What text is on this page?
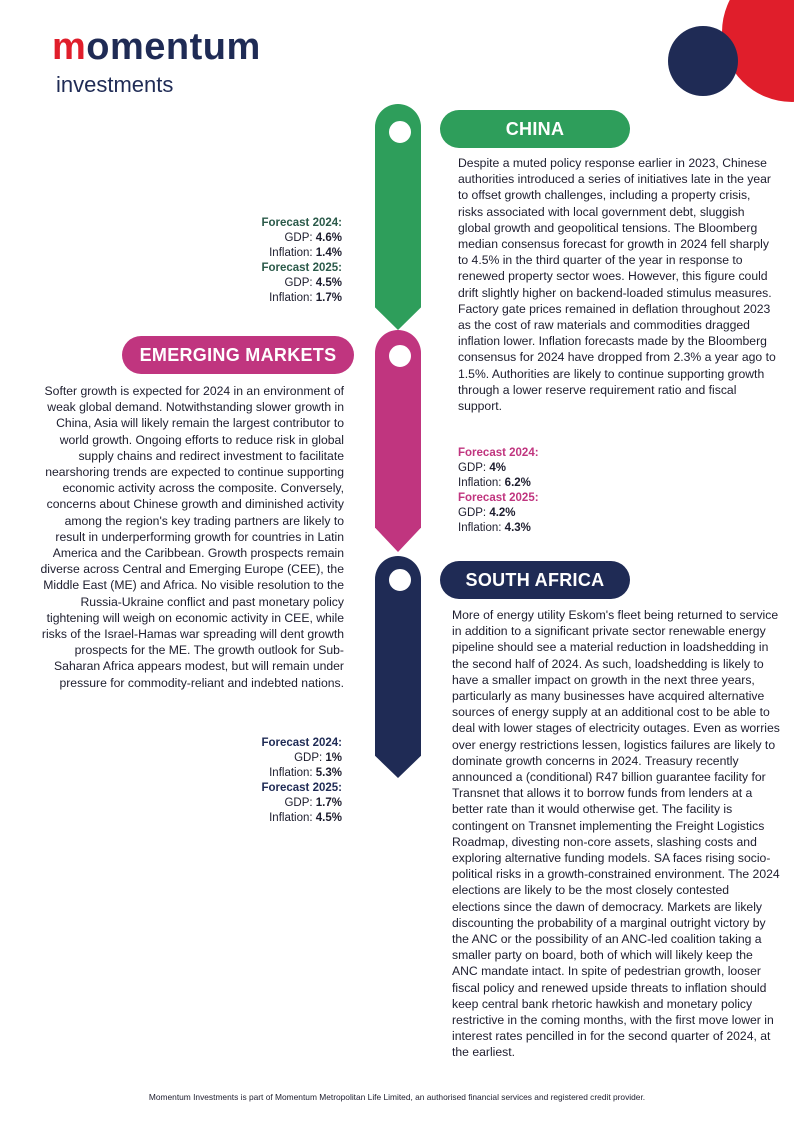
momentum
investments
CHINA
EMERGING MARKETS
SOUTH AFRICA
Despite a muted policy response earlier in 2023, Chinese authorities introduced a series of initiatives late in the year to offset growth challenges, including a property crisis, risks associated with local government debt, sluggish global growth and geopolitical tensions. The Bloomberg median consensus forecast for growth in 2024 fell sharply to 4.5% in the third quarter of the year in response to renewed property sector woes. However, this figure could drift slightly higher on backend-loaded stimulus measures. Factory gate prices remained in deflation throughout 2023 as the cost of raw materials and commodities dragged inflation lower. Inflation forecasts made by the Bloomberg consensus for 2024 have dropped from 2.3% a year ago to 1.5%. Authorities are likely to continue supporting growth through a lower reserve requirement ratio and fiscal support.
Softer growth is expected for 2024 in an environment of weak global demand. Notwithstanding slower growth in China, Asia will likely remain the largest contributor to world growth. Ongoing efforts to reduce risk in global supply chains and redirect investment to facilitate nearshoring trends are expected to continue supporting economic activity across the composite. Conversely, concerns about Chinese growth and diminished activity among the region's key trading partners are likely to result in underperforming growth for countries in Latin America and the Caribbean. Growth prospects remain diverse across Central and Emerging Europe (CEE), the Middle East (ME) and Africa. No visible resolution to the Russia-Ukraine conflict and past monetary policy tightening will weigh on economic activity in CEE, while risks of the Israel-Hamas war spreading will dent growth prospects for the ME. The growth outlook for Sub-Saharan Africa appears modest, but will remain under pressure for commodity-reliant and indebted nations.
More of energy utility Eskom's fleet being returned to service in addition to a significant private sector renewable energy pipeline should see a material reduction in loadshedding in the second half of 2024. As such, loadshedding is likely to have a smaller impact on growth in the next three years, particularly as many businesses have acquired alternative sources of energy supply at an additional cost to be able to deal with lower stages of electricity outages. Even as worries over energy restrictions lessen, logistics failures are likely to dominate growth concerns in 2024. Treasury recently announced a (conditional) R47 billion guarantee facility for Transnet that allows it to borrow funds from lenders at a better rate than it would otherwise get. The facility is contingent on Transnet implementing the Freight Logistics Roadmap, divesting non-core assets, slashing costs and exploring alternative funding models. SA faces rising socio-political risks in a growth-constrained environment. The 2024 elections are likely to be the most closely contested elections since the dawn of democracy. Markets are likely discounting the probability of a marginal outright victory by the ANC or the possibility of an ANC-led coalition taking a smaller party on board, both of which will likely keep the ANC mandate intact. In spite of pedestrian growth, looser fiscal policy and renewed upside threats to inflation should keep central bank rhetoric hawkish and monetary policy restrictive in the coming months, with the first move lower in interest rates pencilled in for the second quarter of 2024, at the earliest.
Forecast 2024:
GDP: 4.6%
Inflation: 1.4%
Forecast 2025:
GDP: 4.5%
Inflation: 1.7%
Forecast 2024:
GDP: 4%
Inflation: 6.2%
Forecast 2025:
GDP: 4.2%
Inflation: 4.3%
Forecast 2024:
GDP: 1%
Inflation: 5.3%
Forecast 2025:
GDP: 1.7%
Inflation: 4.5%
Momentum Investments is part of Momentum Metropolitan Life Limited, an authorised financial services and registered credit provider.
